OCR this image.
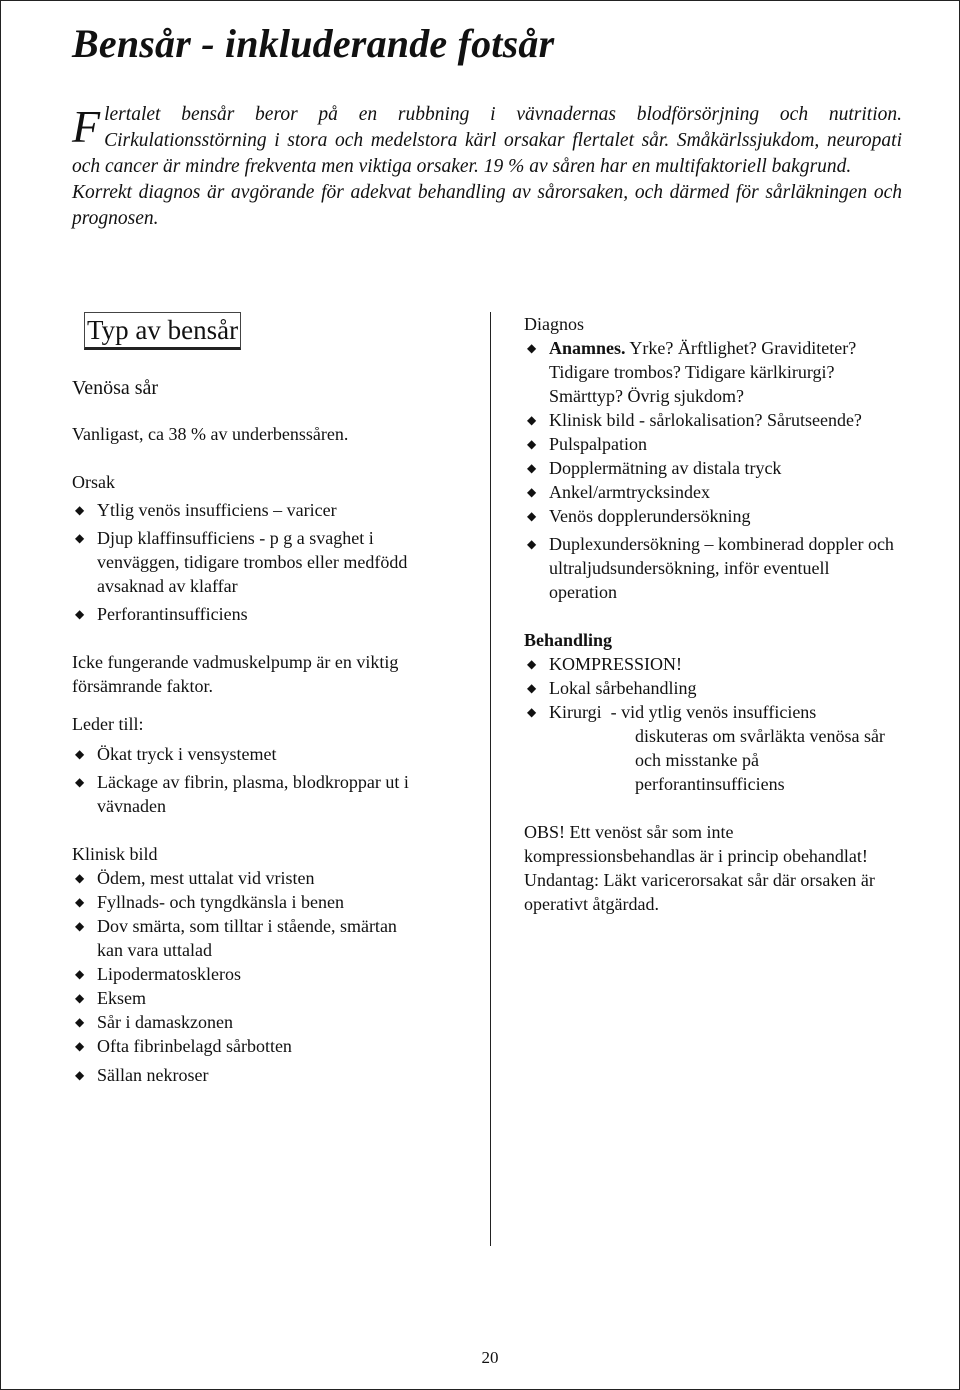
Bensår - inkluderande fotsår

Flertalet bensår beror på en rubbning i vävnadernas blodförsörjning och nutrition. Cirkulationsstörning i stora och medelstora kärl orsakar flertalet sår. Småkärlssjukdom, neuropati och cancer är mindre frekventa men viktiga orsaker. 19 % av såren har en multifaktoriell bakgrund.

Korrekt diagnos är avgörande för adekvat behandling av sårorsaken, och därmed för sårläkningen och prognosen.

Typ av bensår

Venösa sår

Vanligast, ca 38 % av underbenssåren.

Orsak

◆ Ytlig venös insufficiens – varicer
◆ Djup klaffinsufficiens - p g a svaghet i venväggen, tidigare trombos eller medfödd avsaknad av klaffar
◆ Perforantinsufficiens

Icke fungerande vadmuskelpump är en viktig försämrande faktor.

Leder till:

◆ Ökat tryck i vensystemet
◆ Läckage av fibrin, plasma, blodkroppar ut i vävnaden

Klinisk bild

◆ Ödem, mest uttalat vid vristen
◆ Fyllnads- och tyngdkänsla i benen
◆ Dov smärta, som tilltar i stående, smärtan kan vara uttalad
◆ Lipodermatoskleros
◆ Eksem
◆ Sår i damaskzonen
◆ Ofta fibrinbelagd sårbotten
◆ Sällan nekroser

Diagnos

◆ Anamnes. Yrke? Ärftlighet? Graviditeter? Tidigare trombos? Tidigare kärlkirurgi? Smärttyp? Övrig sjukdom?
◆ Klinisk bild - sårlokalisation? Sårutseende?
◆ Pulspalpation
◆ Dopplermätning av distala tryck
◆ Ankel/armtrycksindex
◆ Venös dopplerundersökning
◆ Duplexundersökning – kombinerad doppler och ultraljudsundersökning, inför eventuell operation

Behandling

◆ KOMPRESSION!
◆ Lokal sårbehandling
◆ Kirurgi  - vid ytlig venös insufficiens

diskuteras om svårläkta venösa sår och misstanke på perforantinsufficiens

OBS! Ett venöst sår som inte kompressionsbehandlas är i princip obehandlat! Undantag: Läkt varicerorsakat sår där orsaken är operativt åtgärdad.

20
